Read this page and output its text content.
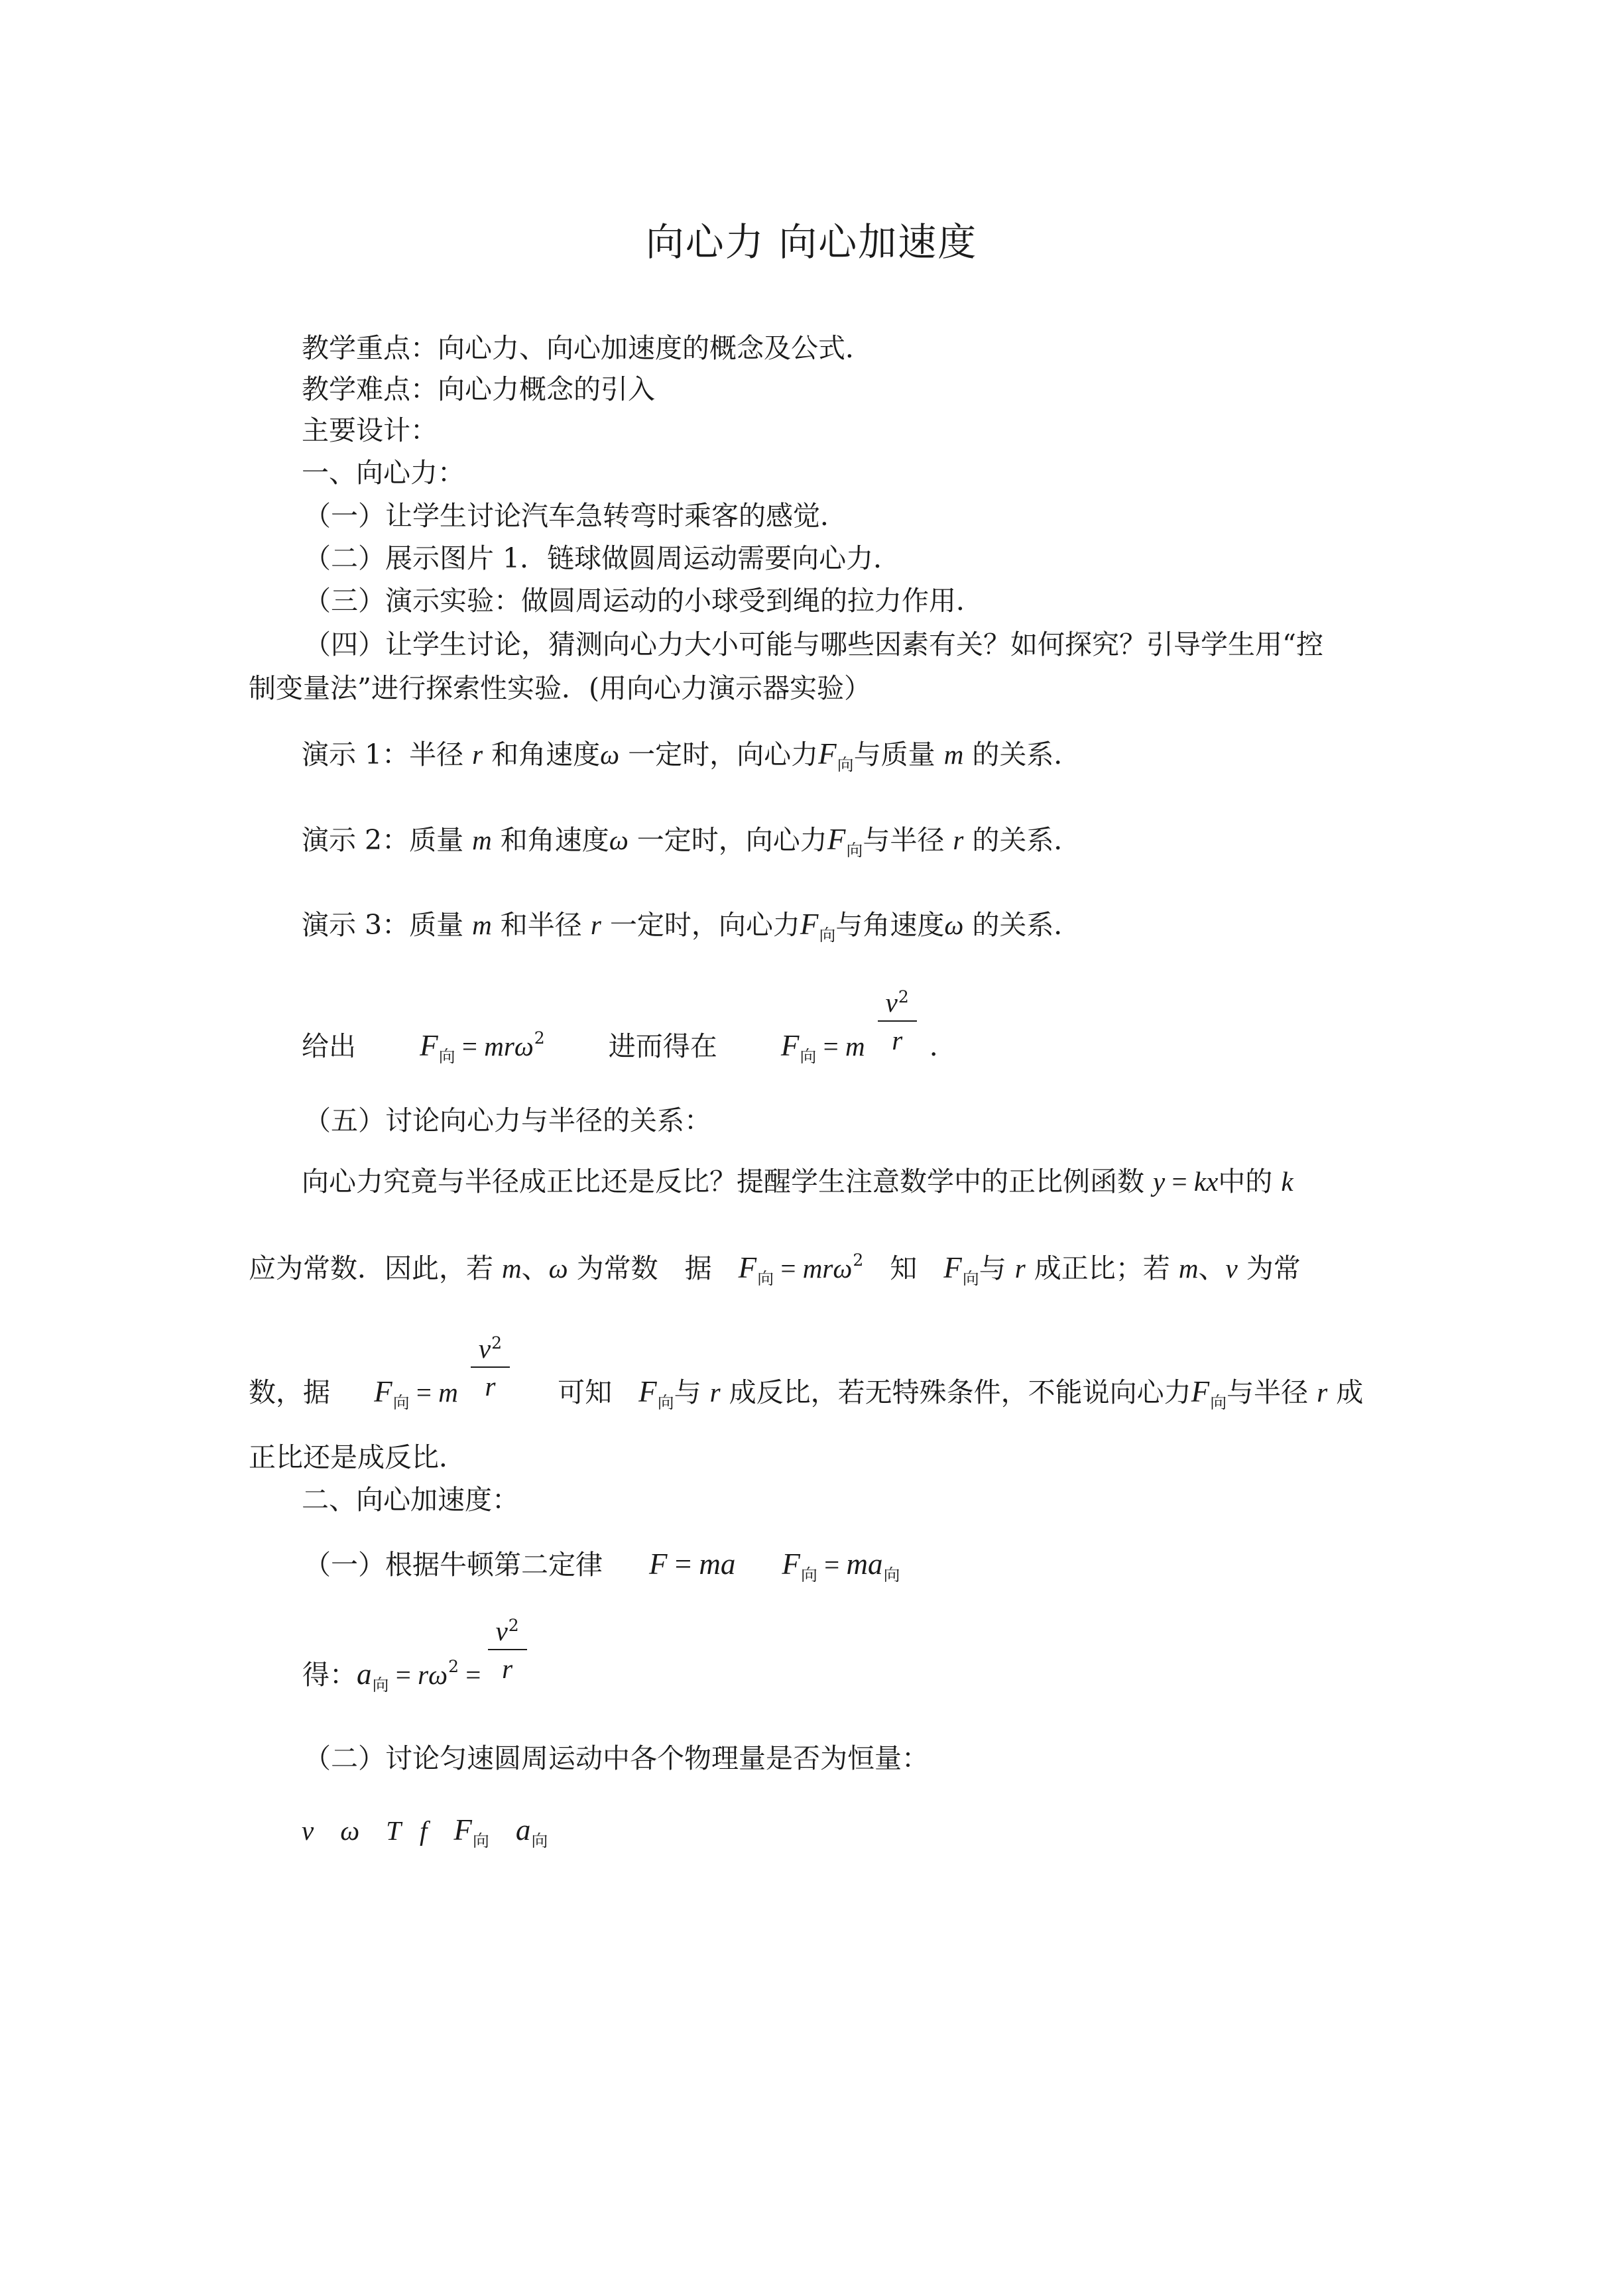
向心力 向心加速度
教学重点：向心力、向心加速度的概念及公式．
教学难点：向心力概念的引入
主要设计：
一、向心力：
（一）让学生讨论汽车急转弯时乘客的感觉．
（二）展示图片 1．链球做圆周运动需要向心力．
（三）演示实验：做圆周运动的小球受到绳的拉力作用．
（四）让学生讨论，猜测向心力大小可能与哪些因素有关？如何探究？引导学生用“控
制变量法”进行探索性实验．(用向心力演示器实验）
演示 1：半径 r 和角速度ω 一定时，向心力$F_向$与质量 m 的关系．
演示 2：质量 m 和角速度ω 一定时，向心力$F_向$与半径 r 的关系．
演示 3：质量 m 和半径 r 一定时，向心力$F_向$与角速度ω 的关系．
给出 $F_向 = mr\omega^2$ 进而得在 $F_向 = m \frac{v^2}{r}$ ．
（五）讨论向心力与半径的关系：
向心力究竟与半径成正比还是反比？提醒学生注意数学中的正比例函数 y = kx中的 k
应为常数．因此，若 m、ω 为常数 据 $F_向 = mr\omega^2$ 知 $F_向$与 r 成正比；若 m、v 为常
数，据 $F_向 = m \frac{v^2}{r}$ 可知 $F_向$与 r 成反比，若无特殊条件，不能说向心力$F_向$与半径 r 成
正比还是成反比．
二、向心加速度：
（一）根据牛顿第二定律 F = ma $F_向 = ma_向$
得：$a_向 = r\omega^2 = \frac{v^2}{r}$
（二）讨论匀速圆周运动中各个物理量是否为恒量：
v ω T f $F_向$ $a_向$
